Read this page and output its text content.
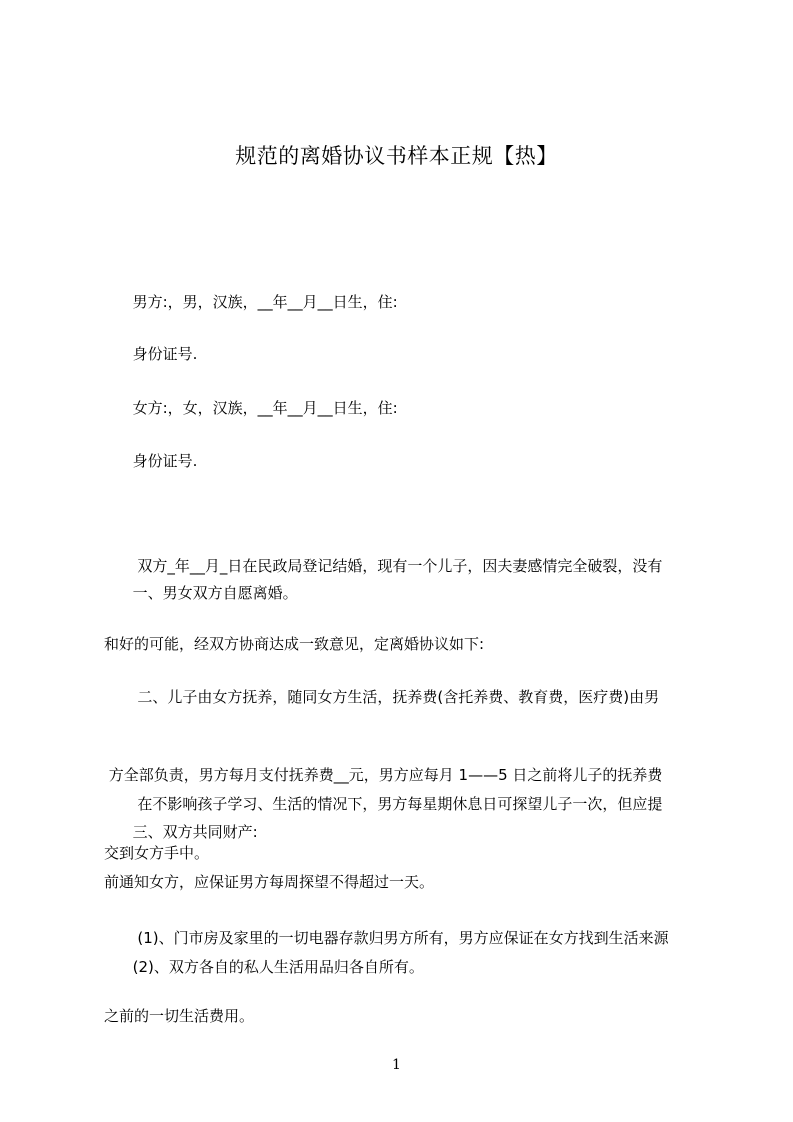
规范的离婚协议书样本正规【热】
男方:，男，汉族，__年__月__日生，住:
身份证号.
女方:，女，汉族，__年__月__日生，住:
身份证号.

双方_年__月_日在民政局登记结婚，现有一个儿子，因夫妻感情完全破裂，没有

和好的可能，经双方协商达成一致意见，定离婚协议如下:

一、男女双方自愿离婚。

二、儿子由女方抚养，随同女方生活，抚养费(含托养费、教育费，医疗费)由男

方全部负责，男方每月支付抚养费__元，男方应每月 1——5 日之前将儿子的抚养费

交到女方手中。

在不影响孩子学习、生活的情况下，男方每星期休息日可探望儿子一次，但应提

前通知女方，应保证男方每周探望不得超过一天。

三、双方共同财产:

(1)、门市房及家里的一切电器存款归男方所有，男方应保证在女方找到生活来源

之前的一切生活费用。

(2)、双方各自的私人生活用品归各自所有。
1
